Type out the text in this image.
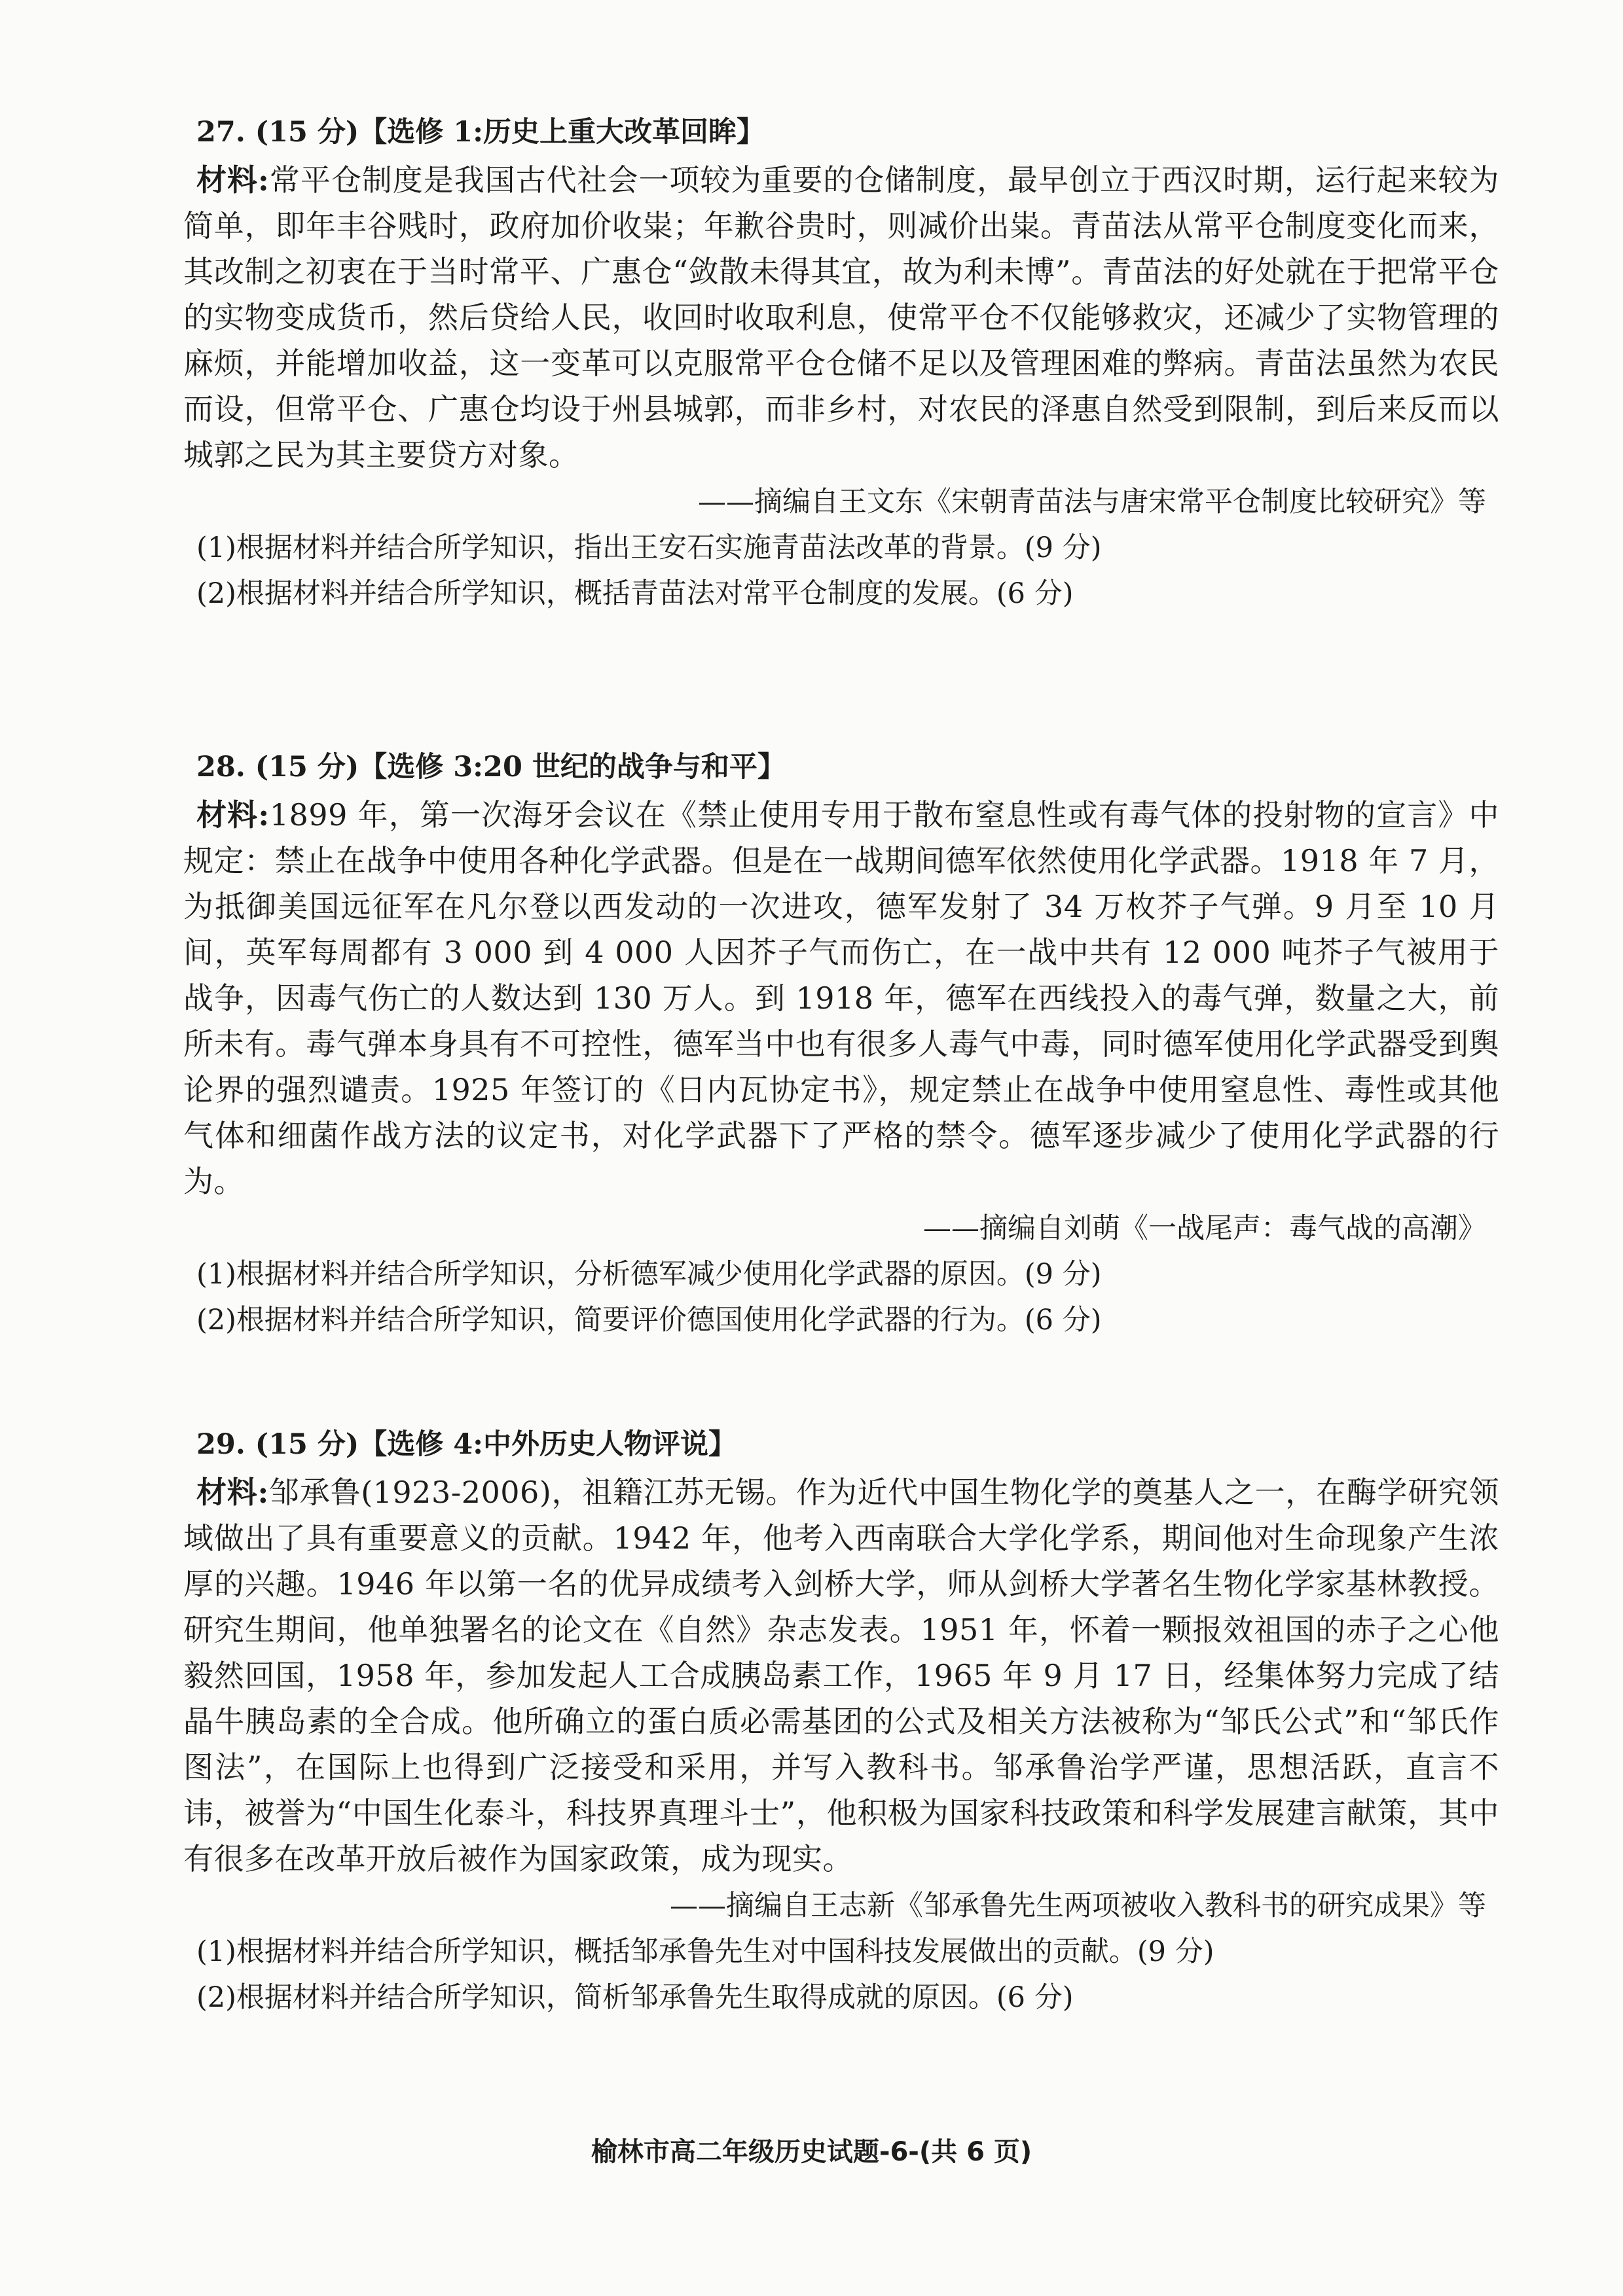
27. (15 分)【选修 1:历史上重大改革回眸】
材料:常平仓制度是我国古代社会一项较为重要的仓储制度，最早创立于西汉时期，运行起来较为简单，即年丰谷贱时，政府加价收粜；年歉谷贵时，则减价出粜。青苗法从常平仓制度变化而来，其改制之初衷在于当时常平、广惠仓“敛散未得其宜，故为利未博”。青苗法的好处就在于把常平仓的实物变成货币，然后贷给人民，收回时收取利息，使常平仓不仅能够救灾，还减少了实物管理的麻烦，并能增加收益，这一变革可以克服常平仓仓储不足以及管理困难的弊病。青苗法虽然为农民而设，但常平仓、广惠仓均设于州县城郭，而非乡村，对农民的泽惠自然受到限制，到后来反而以城郭之民为其主要贷方对象。
——摘编自王文东《宋朝青苗法与唐宋常平仓制度比较研究》等
(1)根据材料并结合所学知识，指出王安石实施青苗法改革的背景。(9 分)
(2)根据材料并结合所学知识，概括青苗法对常平仓制度的发展。(6 分)
28. (15 分)【选修 3:20 世纪的战争与和平】
材料:1899 年，第一次海牙会议在《禁止使用专用于散布窒息性或有毒气体的投射物的宣言》中规定：禁止在战争中使用各种化学武器。但是在一战期间德军依然使用化学武器。1918 年 7 月，为抵御美国远征军在凡尔登以西发动的一次进攻，德军发射了 34 万枚芥子气弹。9 月至 10 月间，英军每周都有 3 000 到 4 000 人因芥子气而伤亡，在一战中共有 12 000 吨芥子气被用于战争，因毒气伤亡的人数达到 130 万人。到 1918 年，德军在西线投入的毒气弹，数量之大，前所未有。毒气弹本身具有不可控性，德军当中也有很多人毒气中毒，同时德军使用化学武器受到舆论界的强烈谴责。1925 年签订的《日内瓦协定书》，规定禁止在战争中使用窒息性、毒性或其他气体和细菌作战方法的议定书，对化学武器下了严格的禁令。德军逐步减少了使用化学武器的行为。
——摘编自刘萌《一战尾声：毒气战的高潮》
(1)根据材料并结合所学知识，分析德军减少使用化学武器的原因。(9 分)
(2)根据材料并结合所学知识，简要评价德国使用化学武器的行为。(6 分)
29. (15 分)【选修 4:中外历史人物评说】
材料:邹承鲁(1923-2006)，祖籍江苏无锡。作为近代中国生物化学的奠基人之一，在酶学研究领域做出了具有重要意义的贡献。1942 年，他考入西南联合大学化学系，期间他对生命现象产生浓厚的兴趣。1946 年以第一名的优异成绩考入剑桥大学，师从剑桥大学著名生物化学家基林教授。研究生期间，他单独署名的论文在《自然》杂志发表。1951 年，怀着一颗报效祖国的赤子之心他毅然回国，1958 年，参加发起人工合成胰岛素工作，1965 年 9 月 17 日，经集体努力完成了结晶牛胰岛素的全合成。他所确立的蛋白质必需基团的公式及相关方法被称为“邹氏公式”和“邹氏作图法”，在国际上也得到广泛接受和采用，并写入教科书。邹承鲁治学严谨，思想活跃，直言不讳，被誉为“中国生化泰斗，科技界真理斗士”，他积极为国家科技政策和科学发展建言献策，其中有很多在改革开放后被作为国家政策，成为现实。
——摘编自王志新《邹承鲁先生两项被收入教科书的研究成果》等
(1)根据材料并结合所学知识，概括邹承鲁先生对中国科技发展做出的贡献。(9 分)
(2)根据材料并结合所学知识，简析邹承鲁先生取得成就的原因。(6 分)
榆林市高二年级历史试题-6-(共 6 页)
